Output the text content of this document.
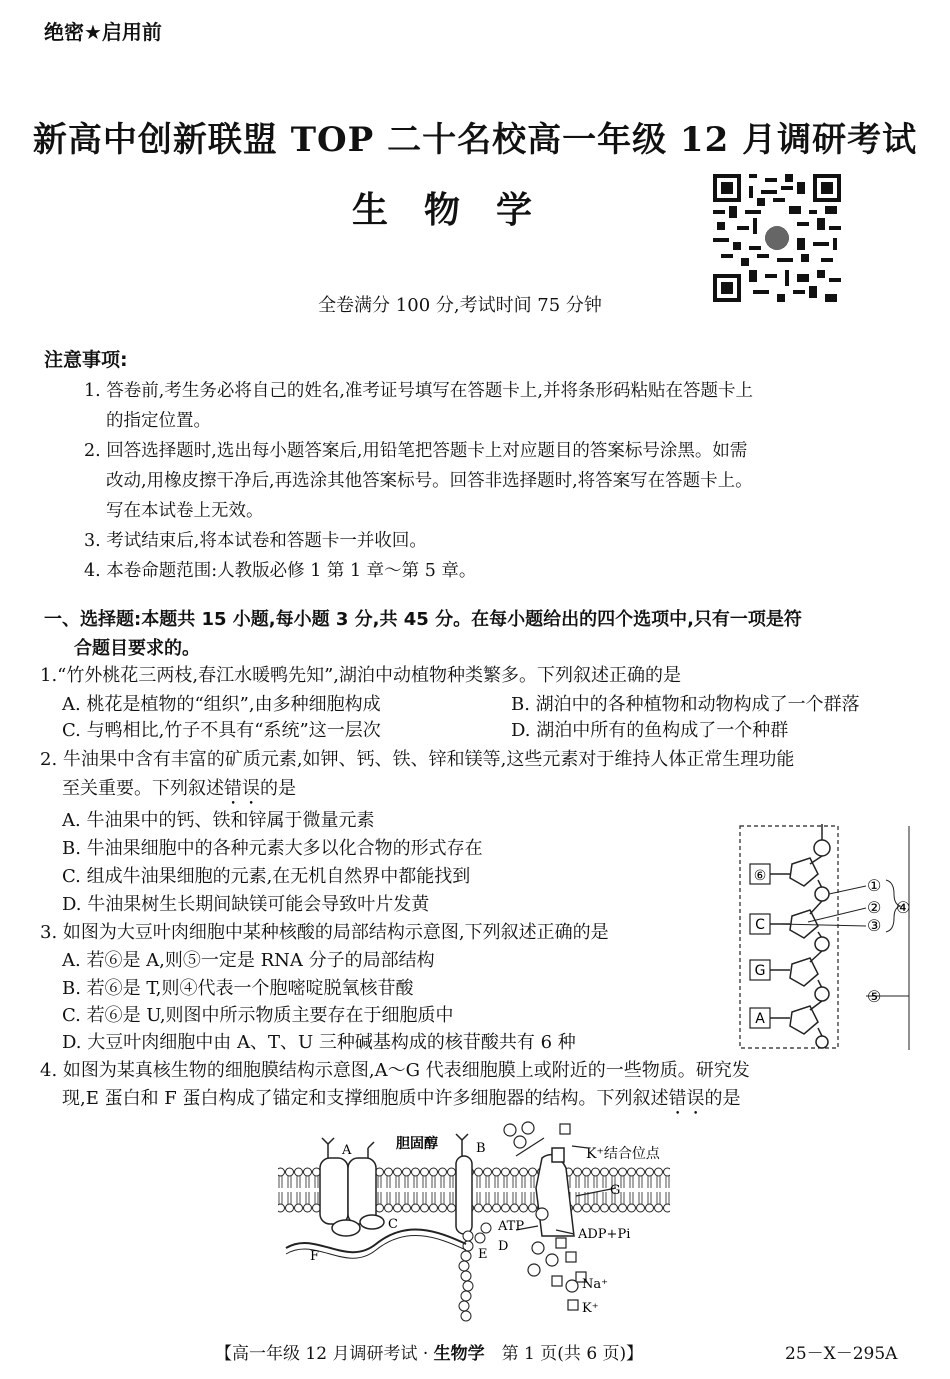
绝密★启用前
新高中创新联盟 TOP 二十名校高一年级 12 月调研考试
生物学
全卷满分 100 分,考试时间 75 分钟
注意事项:
1. 答卷前,考生务必将自己的姓名,准考证号填写在答题卡上,并将条形码粘贴在答题卡上
的指定位置。
2. 回答选择题时,选出每小题答案后,用铅笔把答题卡上对应题目的答案标号涂黑。如需
改动,用橡皮擦干净后,再选涂其他答案标号。回答非选择题时,将答案写在答题卡上。
写在本试卷上无效。
3. 考试结束后,将本试卷和答题卡一并收回。
4. 本卷命题范围:人教版必修 1 第 1 章～第 5 章。
一、选择题:本题共 15 小题,每小题 3 分,共 45 分。在每小题给出的四个选项中,只有一项是符
合题目要求的。
1.“竹外桃花三两枝,春江水暖鸭先知”,湖泊中动植物种类繁多。下列叙述正确的是
A. 桃花是植物的“组织”,由多种细胞构成	B. 湖泊中的各种植物和动物构成了一个群落
C. 与鸭相比,竹子不具有“系统”这一层次	D. 湖泊中所有的鱼构成了一个种群
2. 牛油果中含有丰富的矿质元素,如钾、钙、铁、锌和镁等,这些元素对于维持人体正常生理功能
至关重要。下列叙述错误的是
A. 牛油果中的钙、铁和锌属于微量元素
B. 牛油果细胞中的各种元素大多以化合物的形式存在
C. 组成牛油果细胞的元素,在无机自然界中都能找到
D. 牛油果树生长期间缺镁可能会导致叶片发黄
3. 如图为大豆叶肉细胞中某种核酸的局部结构示意图,下列叙述正确的是
A. 若⑥是 A,则⑤一定是 RNA 分子的局部结构
B. 若⑥是 T,则④代表一个胞嘧啶脱氧核苷酸
C. 若⑥是 U,则图中所示物质主要存在于细胞质中
D. 大豆叶肉细胞中由 A、T、U 三种碱基构成的核苷酸共有 6 种
⑥
C
G
A
①
②
③
④
⑤
4. 如图为某真核生物的细胞膜结构示意图,A～G 代表细胞膜上或附近的一些物质。研究发
现,E 蛋白和 F 蛋白构成了锚定和支撑细胞质中许多细胞器的结构。下列叙述错误的是
A	胆固醇	B	K⁺结合位点
G
C	ATP
ADP+Pi
D
E
F
Na⁺
K⁺
【高一年级 12 月调研考试 · 生物学　第 1 页(共 6 页)】	25－X－295A
